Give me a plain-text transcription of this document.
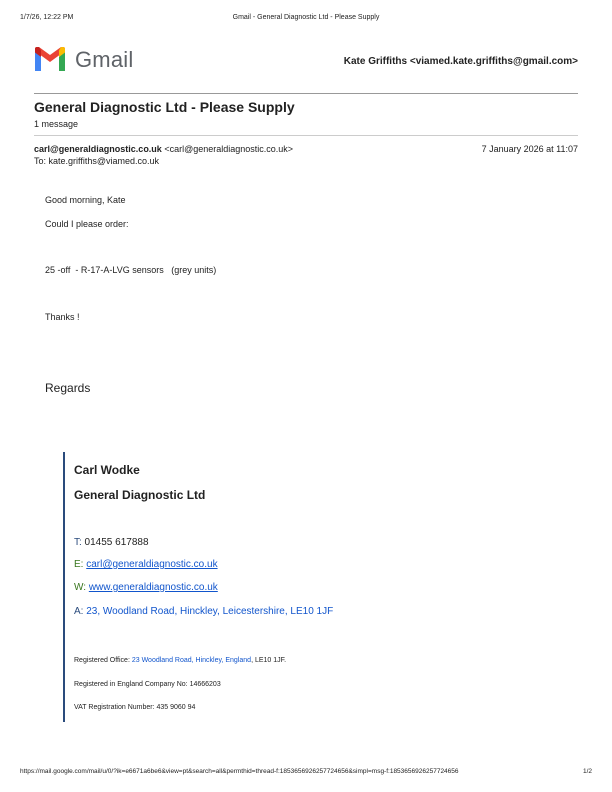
1/7/26, 12:22 PM	Gmail - General Diagnostic Ltd - Please Supply
Gmail	Kate Griffiths <viamed.kate.griffiths@gmail.com>
General Diagnostic Ltd - Please Supply
1 message
carl@generaldiagnostic.co.uk <carl@generaldiagnostic.co.uk>	7 January 2026 at 11:07
To: kate.griffiths@viamed.co.uk
Good morning, Kate
Could I please order:
25 -off  - R-17-A-LVG sensors   (grey units)
Thanks !
Regards
Carl Wodke
General Diagnostic Ltd
T: 01455 617888
E: carl@generaldiagnostic.co.uk
W: www.generaldiagnostic.co.uk
A: 23, Woodland Road, Hinckley, Leicestershire, LE10 1JF
Registered Office: 23 Woodland Road, Hinckley, England, LE10 1JF.
Registered in England Company No: 14666203
VAT Registration Number: 435 9060 94
https://mail.google.com/mail/u/0/?ik=e6671a6be6&view=pt&search=all&permthid=thread-f:1853656926257724656&simpl=msg-f:1853656926257724656	1/2
